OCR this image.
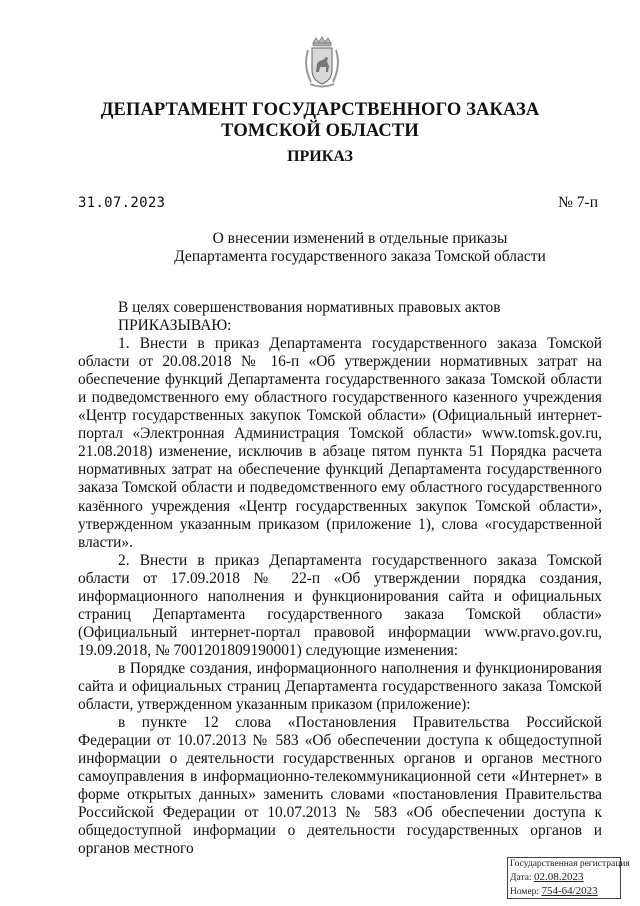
ДЕПАРТАМЕНТ ГОСУДАРСТВЕННОГО ЗАКАЗА
ТОМСКОЙ ОБЛАСТИ
ПРИКАЗ
31.07.2023	№ 7-п
О внесении изменений в отдельные приказы
Департамента государственного заказа Томской области

В целях совершенствования нормативных правовых актов

ПРИКАЗЫВАЮ:

1. Внести в приказ Департамента государственного заказа Томской области от 20.08.2018 № 16-п «Об утверждении нормативных затрат на обеспечение функций Департамента государственного заказа Томской области и подведомственного ему областного государственного казенного учреждения «Центр государственных закупок Томской области» (Официальный интернет-портал «Электронная Администрация Томской области» www.tomsk.gov.ru, 21.08.2018) изменение, исключив в абзаце пятом пункта 51 Порядка расчета нормативных затрат на обеспечение функций Департамента государственного заказа Томской области и подведомственного ему областного государственного казённого учреждения «Центр государственных закупок Томской области», утвержденном указанным приказом (приложение 1), слова «государственной власти».

2. Внести в приказ Департамента государственного заказа Томской области от 17.09.2018 № 22-п «Об утверждении порядка создания, информационного наполнения и функционирования сайта и официальных страниц Департамента государственного заказа Томской области» (Официальный интернет-портал правовой информации www.pravo.gov.ru, 19.09.2018, № 7001201809190001) следующие изменения:

в Порядке создания, информационного наполнения и функционирования сайта и официальных страниц Департамента государственного заказа Томской области, утвержденном указанным приказом (приложение):

в пункте 12 слова «Постановления Правительства Российской Федерации от 10.07.2013 № 583 «Об обеспечении доступа к общедоступной информации о деятельности государственных органов и органов местного самоуправления в информационно-телекоммуникационной сети «Интернет» в форме открытых данных» заменить словами «постановления Правительства Российской Федерации от 10.07.2013 № 583 «Об обеспечении доступа к общедоступной информации о деятельности государственных органов и органов местного

Государственная регистрация
Дата: 02.08.2023
Номер: 754-64/2023
